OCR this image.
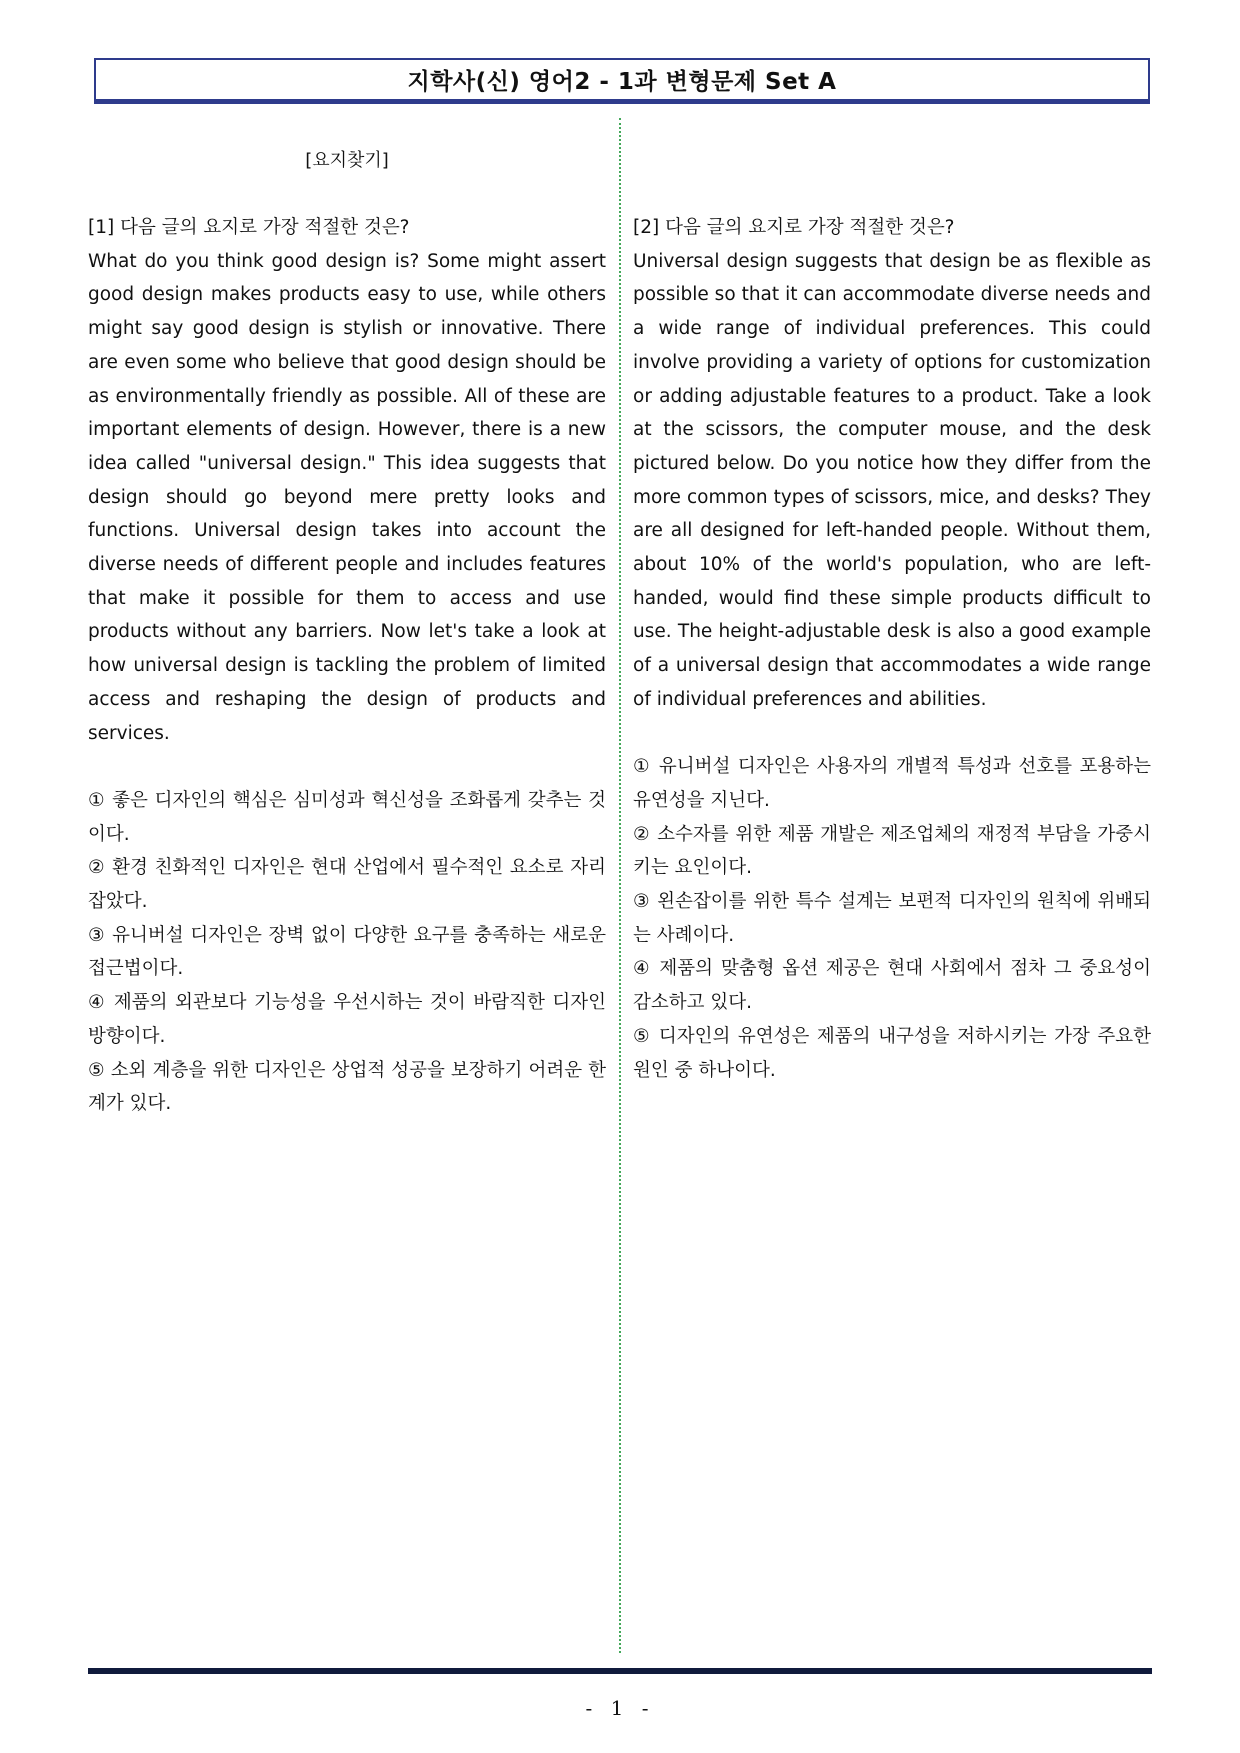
지학사(신) 영어2 - 1과 변형문제 Set A
[요지찾기]
[1] 다음 글의 요지로 가장 적절한 것은?

What do you think good design is? Some might assert good design makes products easy to use, while others might say good design is stylish or innovative. There are even some who believe that good design should be as environmentally friendly as possible. All of these are important elements of design. However, there is a new idea called "universal design." This idea suggests that design should go beyond mere pretty looks and functions. Universal design takes into account the diverse needs of different people and includes features that make it possible for them to access and use products without any barriers. Now let's take a look at how universal design is tackling the problem of limited access and reshaping the design of products and services.

① 좋은 디자인의 핵심은 심미성과 혁신성을 조화롭게 갖추는 것이다.
② 환경 친화적인 디자인은 현대 산업에서 필수적인 요소로 자리 잡았다.
③ 유니버설 디자인은 장벽 없이 다양한 요구를 충족하는 새로운 접근법이다.
④ 제품의 외관보다 기능성을 우선시하는 것이 바람직한 디자인 방향이다.
⑤ 소외 계층을 위한 디자인은 상업적 성공을 보장하기 어려운 한계가 있다.
[2] 다음 글의 요지로 가장 적절한 것은?

Universal design suggests that design be as flexible as possible so that it can accommodate diverse needs and a wide range of individual preferences. This could involve providing a variety of options for customization or adding adjustable features to a product. Take a look at the scissors, the computer mouse, and the desk pictured below. Do you notice how they differ from the more common types of scissors, mice, and desks? They are all designed for left-handed people. Without them, about 10% of the world's population, who are left-handed, would find these simple products difficult to use. The height-adjustable desk is also a good example of a universal design that accommodates a wide range of individual preferences and abilities.

① 유니버설 디자인은 사용자의 개별적 특성과 선호를 포용하는 유연성을 지닌다.
② 소수자를 위한 제품 개발은 제조업체의 재정적 부담을 가중시키는 요인이다.
③ 왼손잡이를 위한 특수 설계는 보편적 디자인의 원칙에 위배되는 사례이다.
④ 제품의 맞춤형 옵션 제공은 현대 사회에서 점차 그 중요성이 감소하고 있다.
⑤ 디자인의 유연성은 제품의 내구성을 저하시키는 가장 주요한 원인 중 하나이다.
- 1 -
